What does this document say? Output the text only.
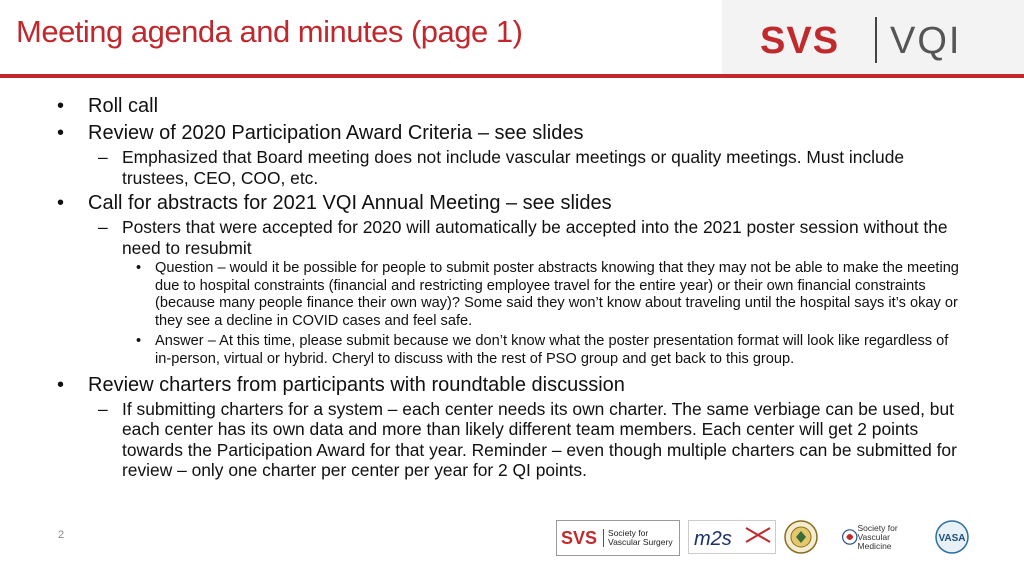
Meeting agenda and minutes (page 1)	SVS VQI
• Roll call
• Review of 2020 Participation Award Criteria – see slides
– Emphasized that Board meeting does not include vascular meetings or quality meetings. Must include trustees, CEO, COO, etc.
• Call for abstracts for 2021 VQI Annual Meeting – see slides
– Posters that were accepted for 2020 will automatically be accepted into the 2021 poster session without the need to resubmit
• Question – would it be possible for people to submit poster abstracts knowing that they may not be able to make the meeting due to hospital constraints (financial and restricting employee travel for the entire year) or their own financial constraints (because many people finance their own way)? Some said they won’t know about traveling until the hospital says it’s okay or they see a decline in COVID cases and feel safe.
• Answer – At this time, please submit because we don’t know what the poster presentation format will look like regardless of in-person, virtual or hybrid. Cheryl to discuss with the rest of PSO group and get back to this group.
• Review charters from participants with roundtable discussion
– If submitting charters for a system – each center needs its own charter. The same verbiage can be used, but each center has its own data and more than likely different team members. Each center will get 2 points towards the Participation Award for that year. Reminder – even though multiple charters can be submitted for review – only one charter per center per year for 2 QI points.
2	SVS	Society for Vascular Surgery	m2s
Society for Vascular Medicine
VASA
